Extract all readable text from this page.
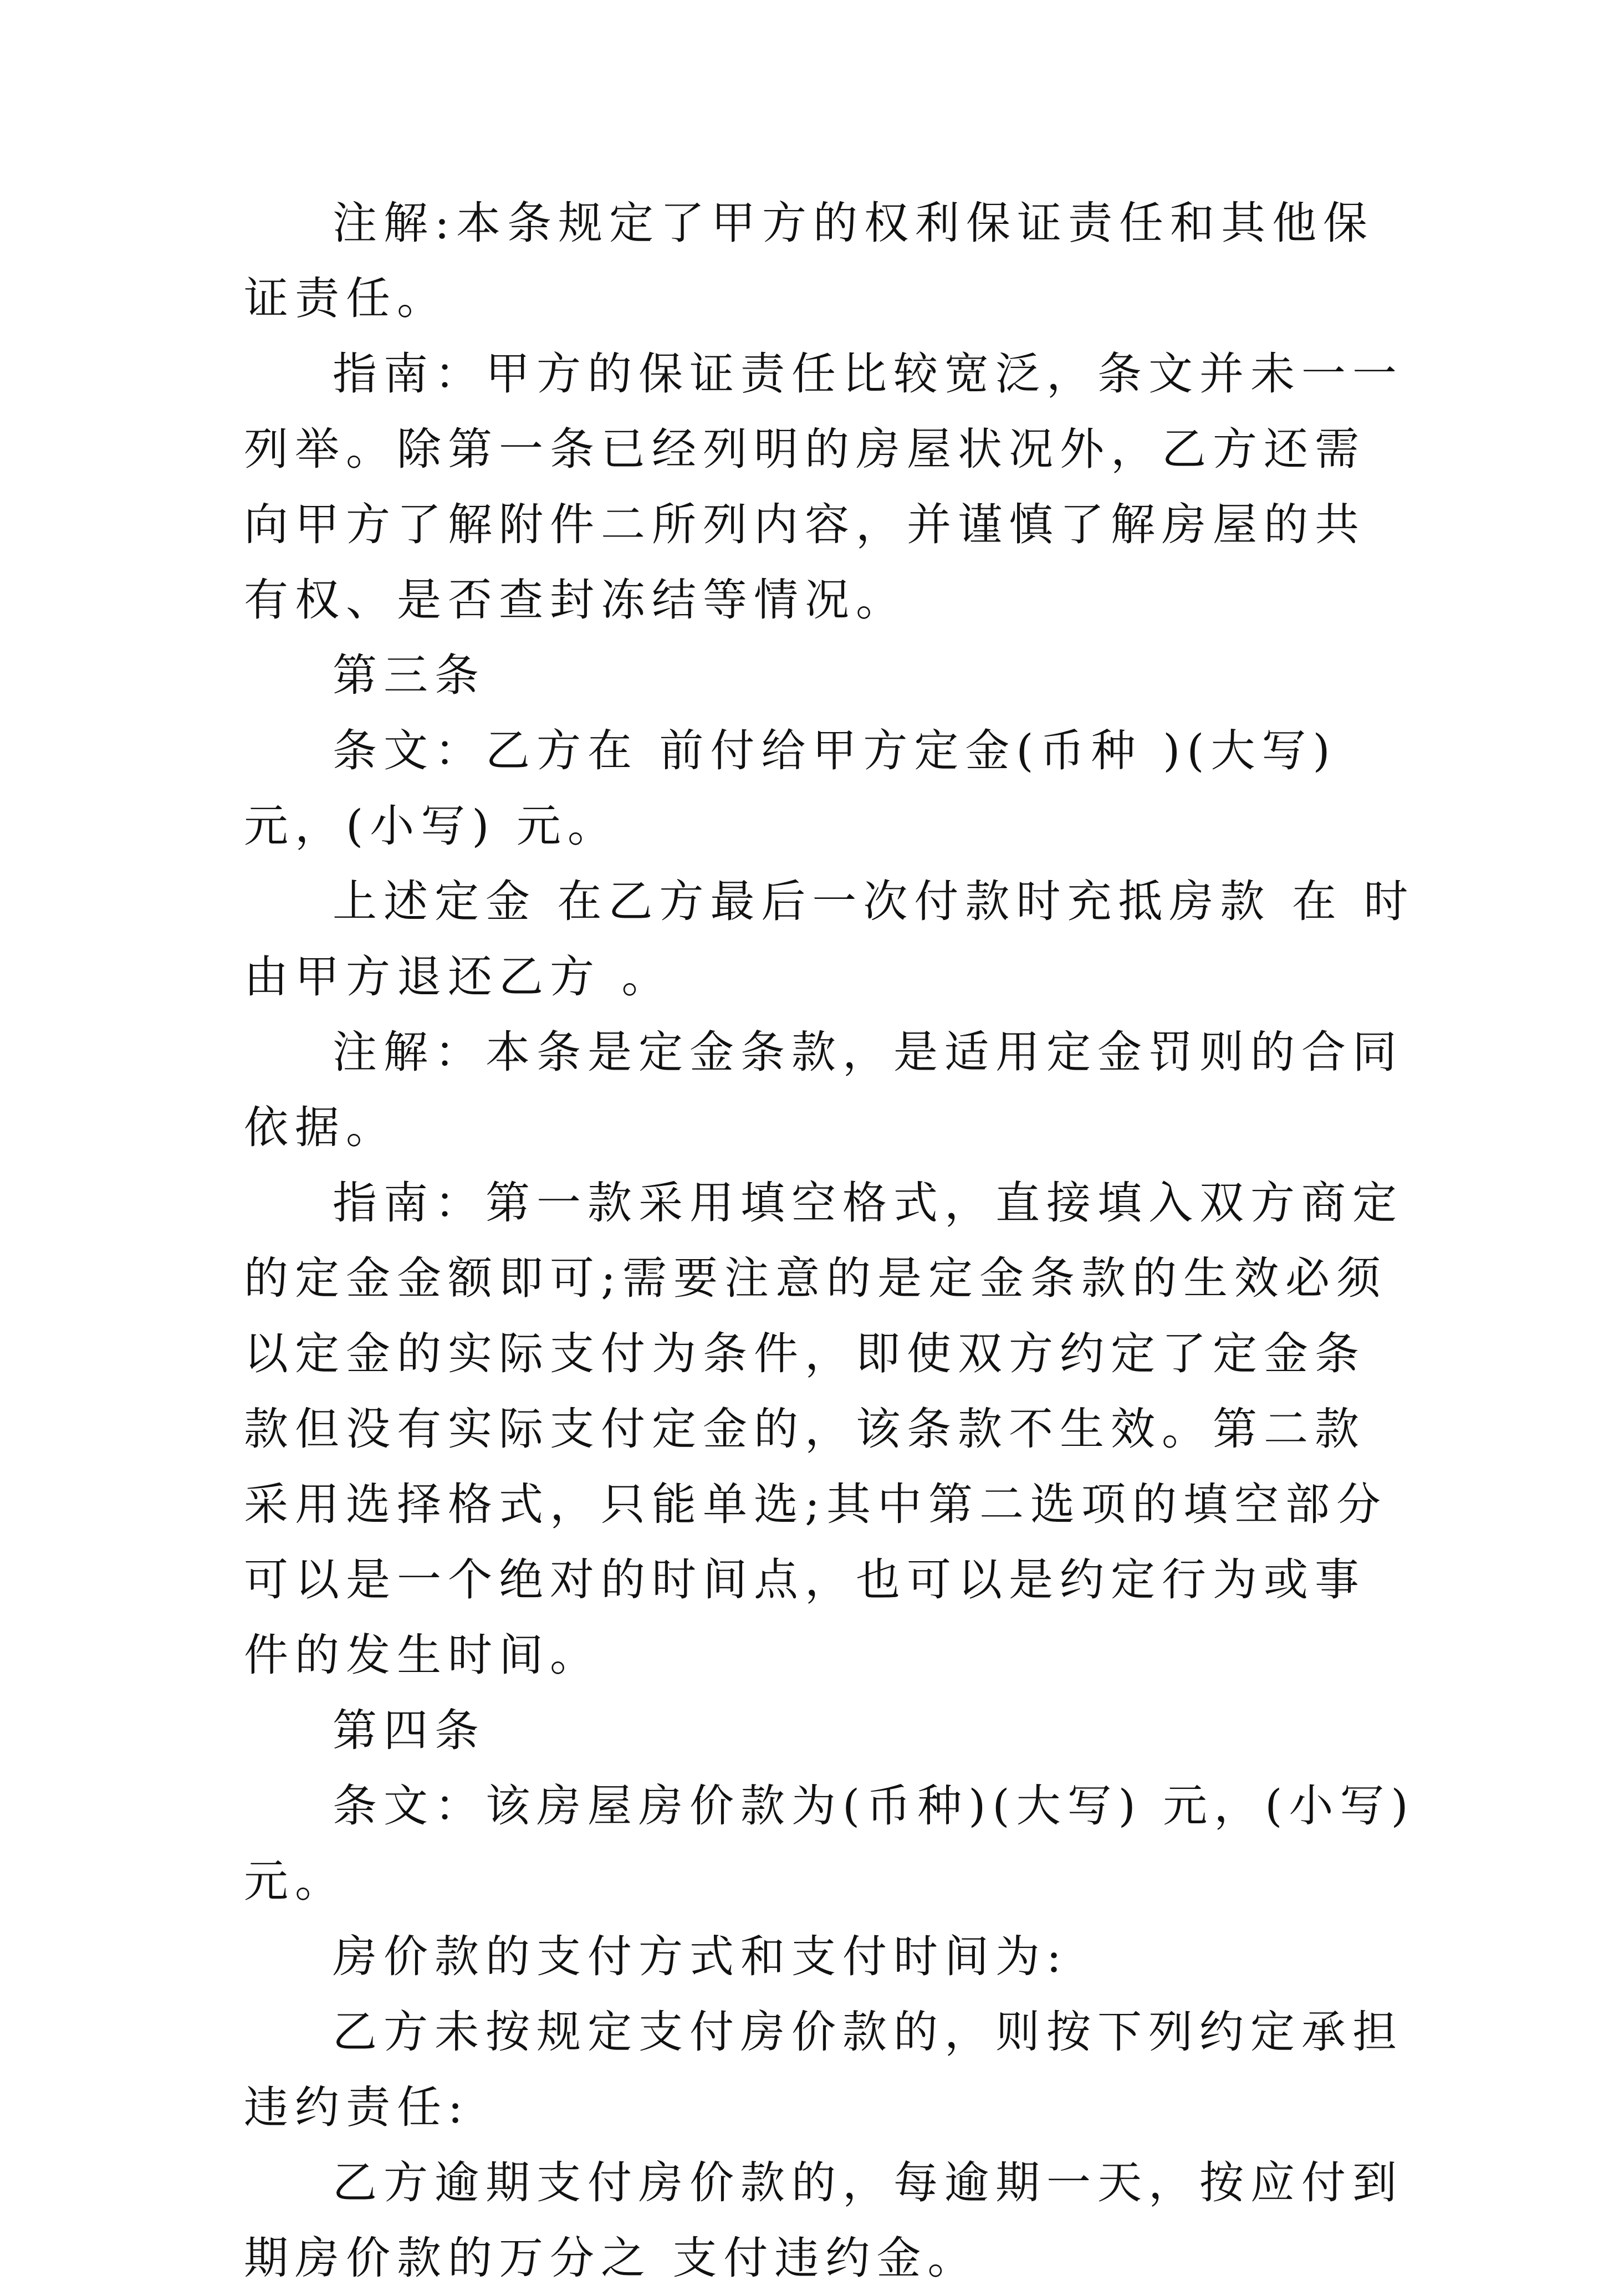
注解:本条规定了甲方的权利保证责任和其他保证责任。

指南：甲方的保证责任比较宽泛，条文并未一一列举。除第一条已经列明的房屋状况外，乙方还需向甲方了解附件二所列内容，并谨慎了解房屋的共有权、是否查封冻结等情况。

第三条

条文：乙方在 前付给甲方定金(币种 )(大写) 元，(小写) 元。

上述定金 在乙方最后一次付款时充抵房款 在 时由甲方退还乙方 。

注解：本条是定金条款，是适用定金罚则的合同依据。

指南：第一款采用填空格式，直接填入双方商定的定金金额即可;需要注意的是定金条款的生效必须以定金的实际支付为条件，即使双方约定了定金条款但没有实际支付定金的，该条款不生效。第二款采用选择格式，只能单选;其中第二选项的填空部分可以是一个绝对的时间点，也可以是约定行为或事件的发生时间。

第四条

条文：该房屋房价款为(币种)(大写) 元，(小写) 元。

房价款的支付方式和支付时间为:

乙方未按规定支付房价款的，则按下列约定承担违约责任:

乙方逾期支付房价款的，每逾期一天，按应付到期房价款的万分之 支付违约金。
